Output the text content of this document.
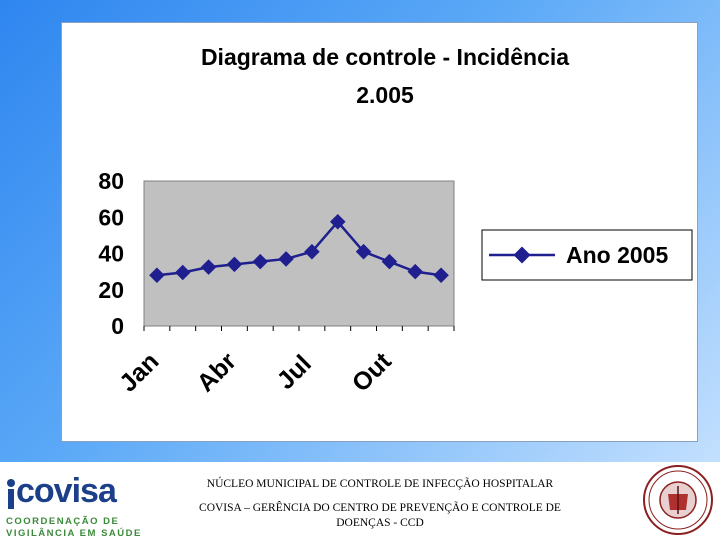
Diagrama de controle - Incidência
2.005
80
60
40
20
0
Jan Abr Jul Out
Ano 2005
covisa
COORDENAÇÃO DE
VIGILÂNCIA EM SAÚDE
NÚCLEO MUNICIPAL DE CONTROLE DE INFECÇÃO HOSPITALAR
COVISA – GERÊNCIA DO CENTRO DE PREVENÇÃO E CONTROLE DE
DOENÇAS - CCD
